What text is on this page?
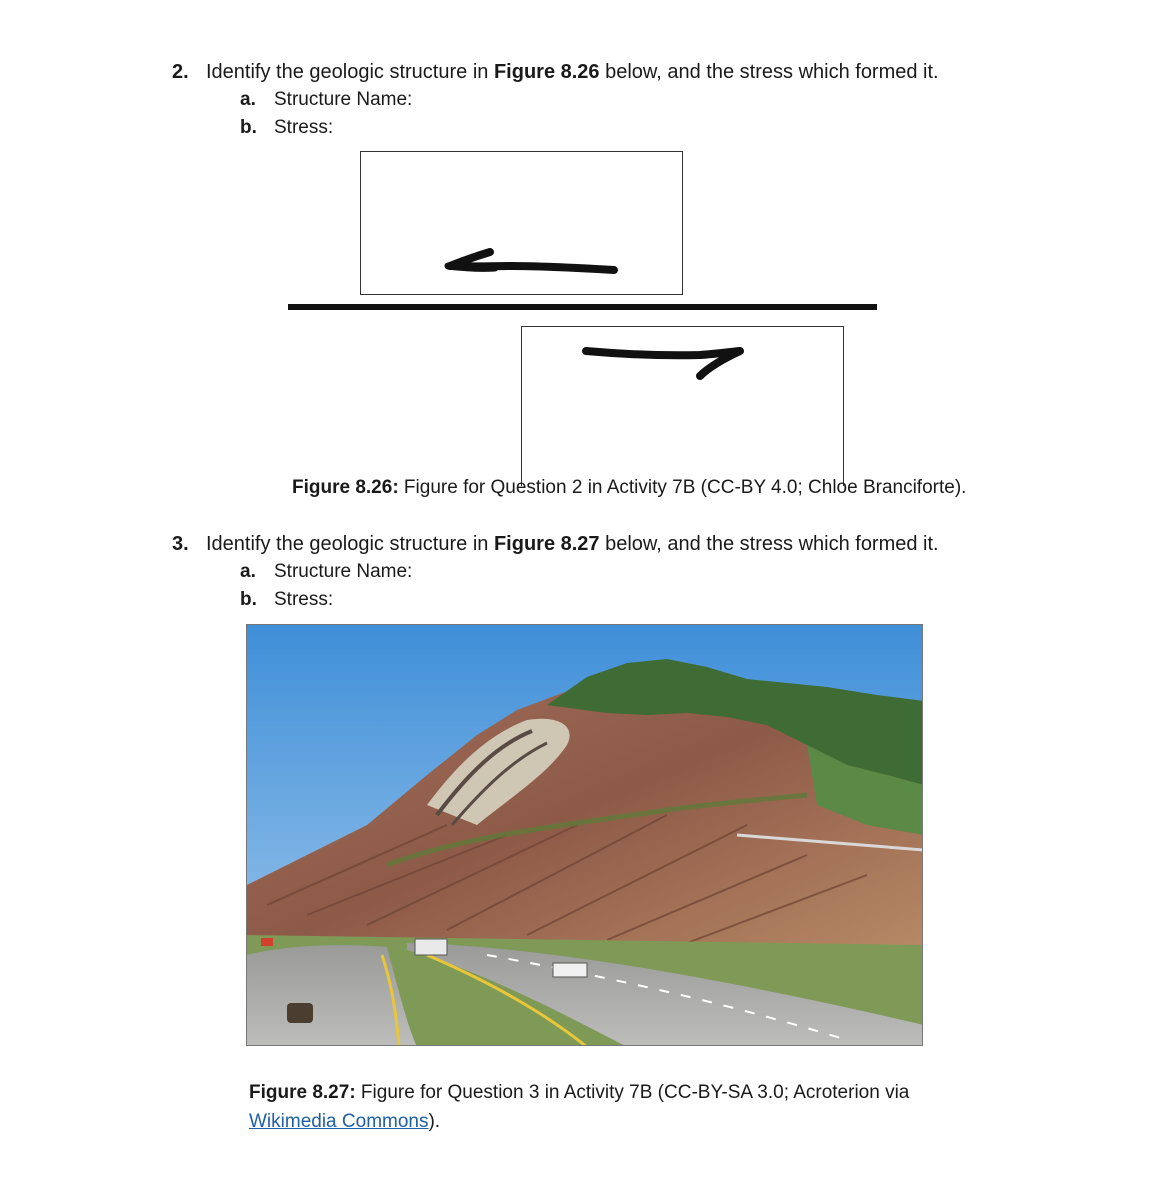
2. Identify the geologic structure in Figure 8.26 below, and the stress which formed it.
a. Structure Name:
b. Stress:
Figure 8.26: Figure for Question 2 in Activity 7B (CC-BY 4.0; Chloe Branciforte).
3. Identify the geologic structure in Figure 8.27 below, and the stress which formed it.
a. Structure Name:
b. Stress:
Figure 8.27: Figure for Question 3 in Activity 7B (CC-BY-SA 3.0; Acroterion via
Wikimedia Commons).
